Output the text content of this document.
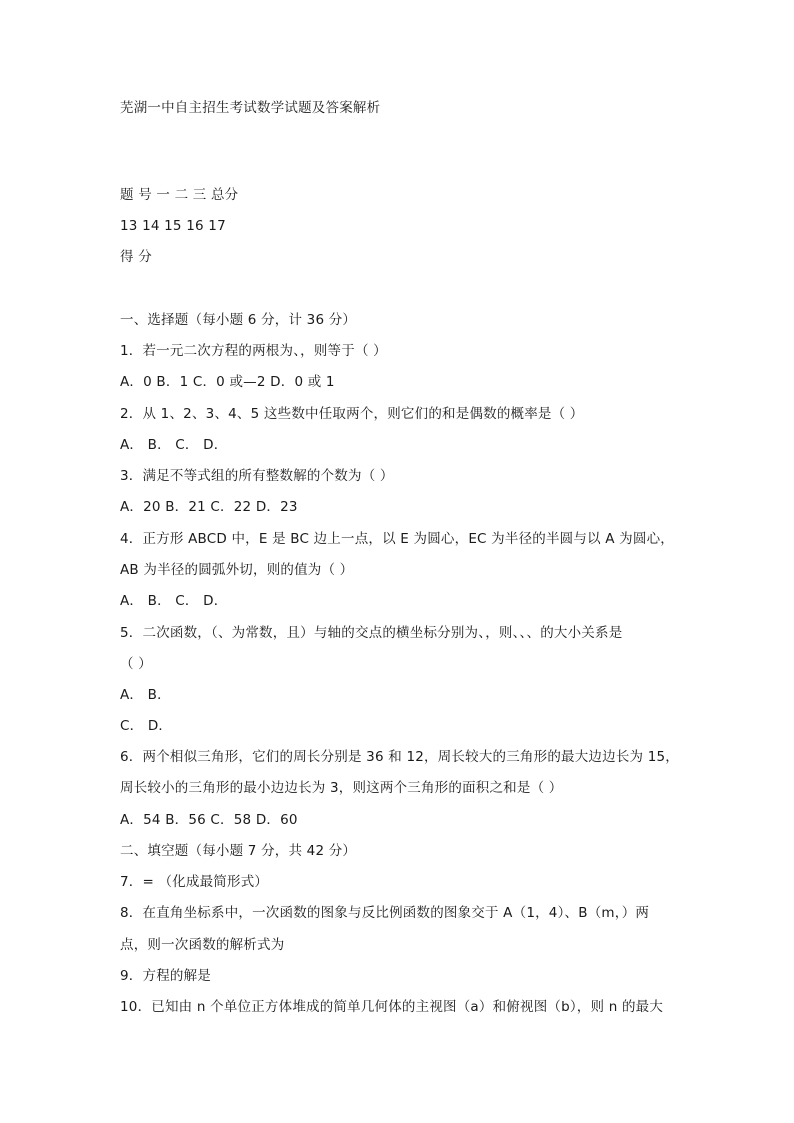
芜湖一中自主招生考试数学试题及答案解析
题 号 一 二 三 总分
13 14 15 16 17
得 分
一、选择题（每小题 6 分，计 36 分）
1．若一元二次方程的两根为、，则等于（ ）
A．0 B．1 C．0 或—2 D．0 或 1
2．从 1、2、3、4、5 这些数中任取两个，则它们的和是偶数的概率是（ ）
A． B． C． D．
3．满足不等式组的所有整数解的个数为（ ）
A．20 B．21 C．22 D．23
4．正方形 ABCD 中，E 是 BC 边上一点，以 E 为圆心，EC 为半径的半圆与以 A 为圆心，
AB 为半径的圆弧外切，则的值为（ ）
A． B． C． D．
5．二次函数，（、为常数，且）与轴的交点的横坐标分别为、，则、、、的大小关系是
（ ）
A． B．
C． D．
6．两个相似三角形，它们的周长分别是 36 和 12，周长较大的三角形的最大边边长为 15，
周长较小的三角形的最小边边长为 3，则这两个三角形的面积之和是（ ）
A．54 B．56 C．58 D．60
二、填空题（每小题 7 分，共 42 分）
7．= （化成最简形式）
8．在直角坐标系中，一次函数的图象与反比例函数的图象交于 A（1，4）、B（m，）两
点，则一次函数的解析式为
9．方程的解是
10．已知由 n 个单位正方体堆成的简单几何体的主视图（a）和俯视图（b），则 n 的最大
